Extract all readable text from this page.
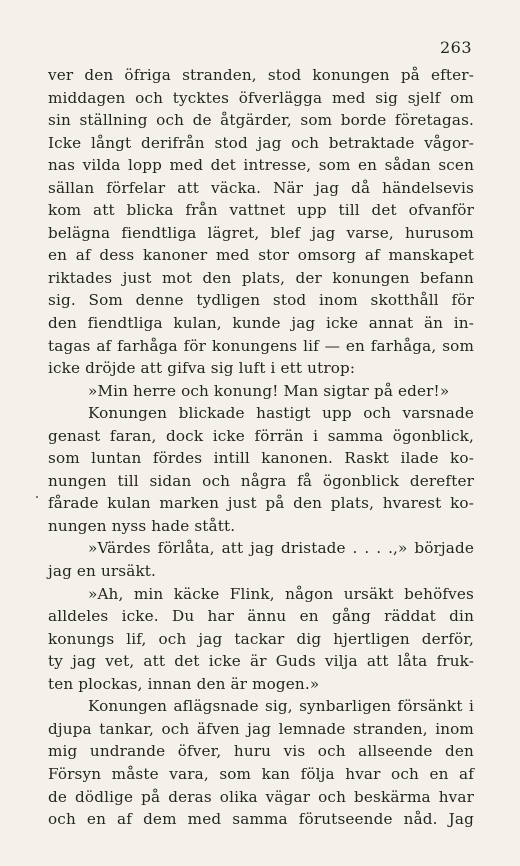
263
ver den öfriga stranden, stod konungen på efter-
middagen och tycktes öfverlägga med sig sjelf om
sin ställning och de åtgärder, som borde företagas.
Icke långt derifrån stod jag och betraktade vågor-
nas vilda lopp med det intresse, som en sådan scen
sällan förfelar att väcka. När jag då händelsevis
kom att blicka från vattnet upp till det ofvanför
belägna fiendtliga lägret, blef jag varse, hurusom
en af dess kanoner med stor omsorg af manskapet
riktades just mot den plats, der konungen befann
sig. Som denne tydligen stod inom skotthåll för
den fiendtliga kulan, kunde jag icke annat än in-
tagas af farhåga för konungens lif — en farhåga, som
icke dröjde att gifva sig luft i ett utrop:
»Min herre och konung! Man sigtar på eder!»
Konungen blickade hastigt upp och varsnade
genast faran, dock icke förrän i samma ögonblick,
som luntan fördes intill kanonen. Raskt ilade ko-
nungen till sidan och några få ögonblick derefter
fårade kulan marken just på den plats, hvarest ko-
nungen nyss hade stått.
»Värdes förlåta, att jag dristade . . . .,» började
jag en ursäkt.
»Ah, min käcke Flink, någon ursäkt behöfves
alldeles icke. Du har ännu en gång räddat din
konungs lif, och jag tackar dig hjertligen derför,
ty jag vet, att det icke är Guds vilja att låta fruk-
ten plockas, innan den är mogen.»
Konungen aflägsnade sig, synbarligen försänkt i
djupa tankar, och äfven jag lemnade stranden, inom
mig undrande öfver, huru vis och allseende den
Försyn måste vara, som kan följa hvar och en af
de dödlige på deras olika vägar och beskärma hvar
och en af dem med samma förutseende nåd. Jag
